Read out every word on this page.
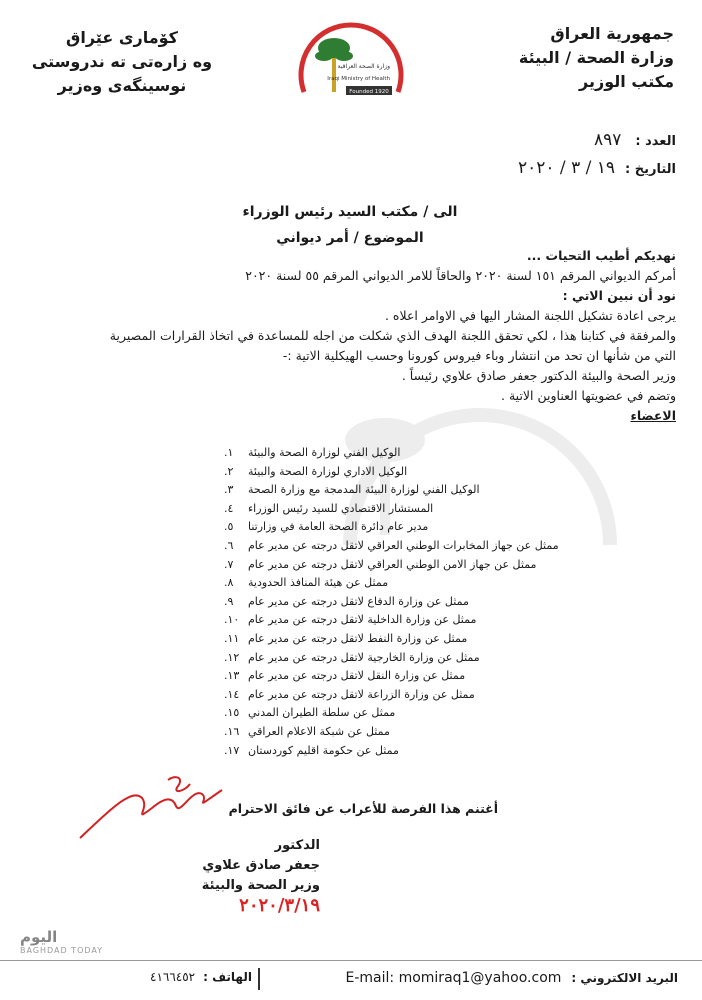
جمهورية العراق
وزارة الصحة / البيئة
مكتب الوزير
كۆماری عێراق
وه زارەتی تە ندروستی
نوسینگەی وەزیر
وزارة الصحة العراقية
Iraqi Ministry of Health
Founded 1920
العدد :
٨٩٧
التاريخ :
١٩ / ٣ / ٢٠٢٠
الى / مكتب السيد رئيس الوزراء
الموضوع / أمر ديواني
نهديكم أطيب التحيات ...
أمركم الديواني المرقم ١٥١ لسنة ٢٠٢٠ والحاقاً للامر الديواني المرقم ٥٥ لسنة ٢٠٢٠
نود أن نبين الاتي :
يرجى اعادة تشكيل اللجنة المشار اليها في الاوامر اعلاه .
والمرفقة في كتابنا هذا ، لكي تحقق اللجنة الهدف الذي شكلت من اجله للمساعدة في اتخاذ القرارات المصيرية
التي من شأنها ان تحد من انتشار وباء فيروس كورونا وحسب الهيكلية الاتية :-
وزير الصحة والبيئة الدكتور جعفر صادق علاوي رئيساً .
وتضم في عضويتها العناوين الاتية .
الاعضاء
١.	الوكيل الفني لوزارة الصحة والبيئة
٢.	الوكيل الاداري لوزارة الصحة والبيئة
٣.	الوكيل الفني لوزارة البيئة المدمجة مع وزارة الصحة
٤.	المستشار الاقتصادي للسيد رئيس الوزراء
٥.	مدير عام دائرة الصحة العامة في وزارتنا
٦.	ممثل عن جهاز المخابرات الوطني العراقي لاتقل درجته عن مدير عام
٧.	ممثل عن جهاز الامن الوطني العراقي لاتقل درجته عن مدير عام
٨.	ممثل عن هيئة المنافذ الحدودية
٩.	ممثل عن وزارة الدفاع لاتقل درجته عن مدير عام
١٠. ممثل عن وزارة الداخلية لاتقل درجته عن مدير عام
١١. ممثل عن وزارة النفط لاتقل درجته عن مدير عام
١٢. ممثل عن وزارة الخارجية لاتقل درجته عن مدير عام
١٣. ممثل عن وزارة النقل لاتقل درجته عن مدير عام
١٤. ممثل عن وزارة الزراعة لاتقل درجته عن مدير عام
١٥. ممثل عن سلطة الطيران المدني
١٦. ممثل عن شبكة الاعلام العراقي
١٧. ممثل عن حكومة اقليم كوردستان
أغتنم هذا الفرصة للأعراب عن فائق الاحترام
الدكتور
جعفر صادق علاوي
وزير الصحة والبيئة
٢٠٢٠/٣/١٩
اليوم
BAGHDAD TODAY
البريد الالكتروني :
E-mail: momiraq1@yahoo.com
الهاتف :
٤١٦٦٤٥٢
